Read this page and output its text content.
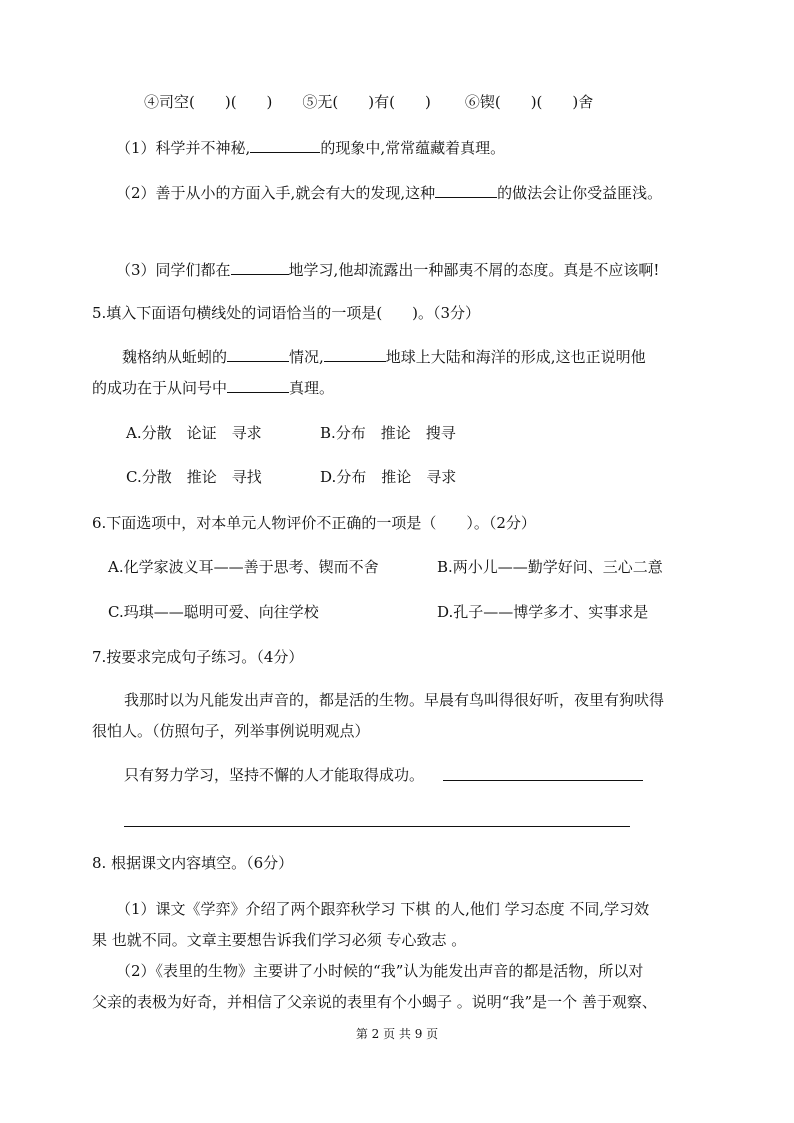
④司空(　　)(　　) ⑤无(　　)有(　　) ⑥锲(　　)(　　)舍
（1）科学并不神秘,	的现象中,常常蕴藏着真理。
（2）善于从小的方面入手,就会有大的发现,这种	的做法会让你受益匪浅。
（3）同学们都在	地学习,他却流露出一种鄙夷不屑的态度。真是不应该啊!
5.填入下面语句横线处的词语恰当的一项是(　　)。（3分）
魏格纳从蚯蚓的	情况,	地球上大陆和海洋的形成,这也正说明他
的成功在于从问号中	真理。
A.分散　论证　寻求	B.分布　推论　搜寻
C.分散　推论　寻找	D.分布　推论　寻求
6.下面选项中，对本单元人物评价不正确的一项是（　　）。（2分）
A.化学家波义耳——善于思考、锲而不舍	B.两小儿——勤学好问、三心二意
C.玛琪——聪明可爱、向往学校	D.孔子——博学多才、实事求是
7.按要求完成句子练习。（4分）
我那时以为凡能发出声音的，都是活的生物。早晨有鸟叫得很好听，夜里有狗吠得
很怕人。（仿照句子，列举事例说明观点）
只有努力学习，坚持不懈的人才能取得成功。
8. 根据课文内容填空。（6分）
（1）课文《学弈》介绍了两个跟弈秋学习 下棋 的人,他们 学习态度 不同,学习效
果 也就不同。文章主要想告诉我们学习必须 专心致志 。
（2）《表里的生物》主要讲了小时候的“我”认为能发出声音的都是活物，所以对
父亲的表极为好奇，并相信了父亲说的表里有个小蝎子 。说明“我”是一个 善于观察、
第 2 页 共 9 页
